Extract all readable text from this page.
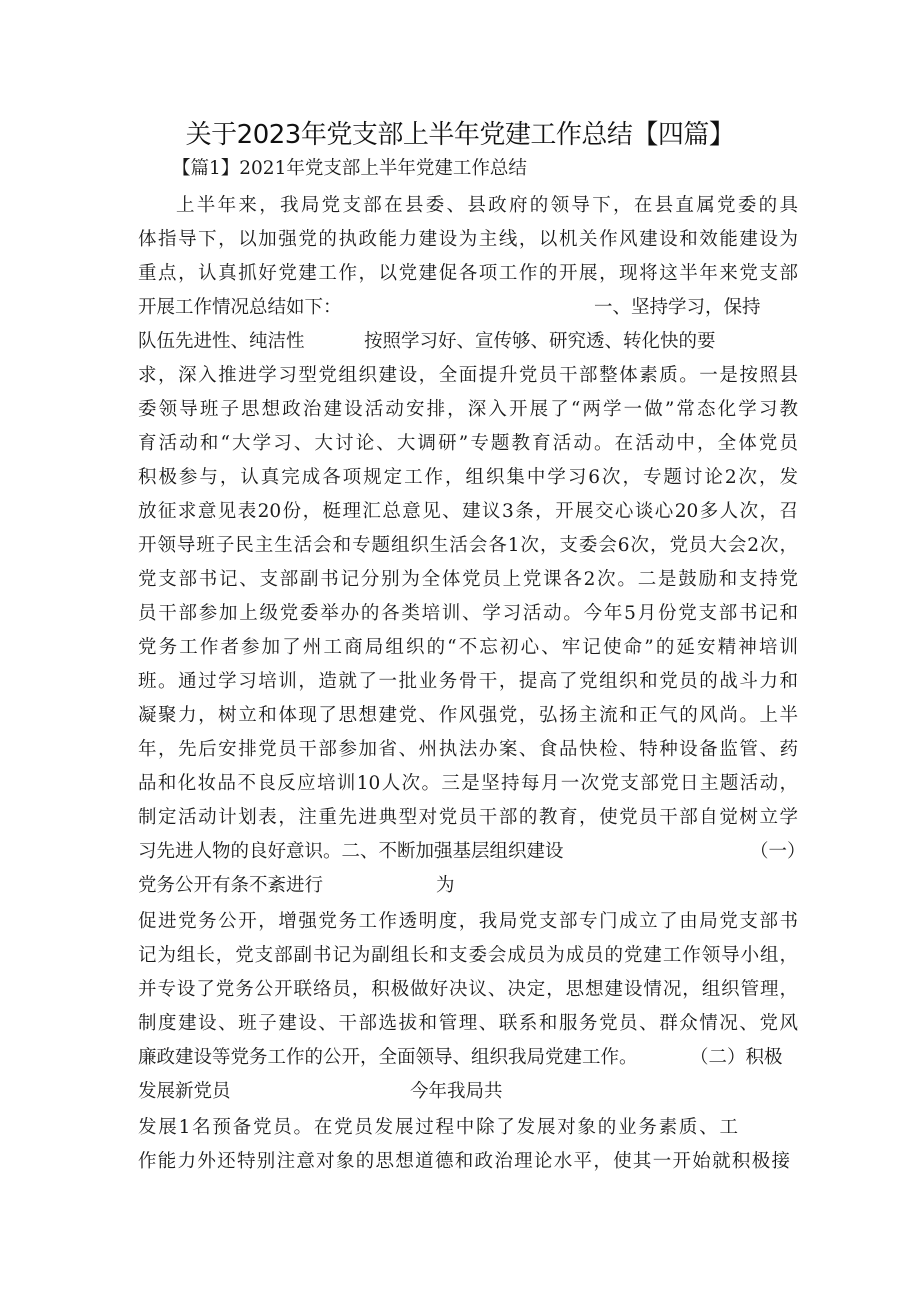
关于2023年党支部上半年党建工作总结【四篇】
【篇1】2021年党支部上半年党建工作总结
上半年来，我局党支部在县委、县政府的领导下，在县直属党委的具
体指导下，以加强党的执政能力建设为主线，以机关作风建设和效能建设为
重点，认真抓好党建工作，以党建促各项工作的开展，现将这半年来党支部
开展工作情况总结如下：	一、坚持学习，保持
队伍先进性、纯洁性	按照学习好、宣传够、研究透、转化快的要
求，深入推进学习型党组织建设，全面提升党员干部整体素质。一是按照县
委领导班子思想政治建设活动安排，深入开展了“两学一做”常态化学习教
育活动和“大学习、大讨论、大调研”专题教育活动。在活动中，全体党员
积极参与，认真完成各项规定工作，组织集中学习6次，专题讨论2次，发
放征求意见表20份，梃理汇总意见、建议3条，开展交心谈心20多人次，召
开领导班子民主生活会和专题组织生活会各1次，支委会6次，党员大会2次，
党支部书记、支部副书记分别为全体党员上党课各2次。二是鼓励和支持党
员干部参加上级党委举办的各类培训、学习活动。今年5月份党支部书记和
党务工作者参加了州工商局组织的“不忘初心、牢记使命”的延安精神培训
班。通过学习培训，造就了一批业务骨干，提高了党组织和党员的战斗力和
凝聚力，树立和体现了思想建党、作风强党，弘扬主流和正气的风尚。上半
年，先后安排党员干部参加省、州执法办案、食品快检、特种设备监管、药
品和化妆品不良反应培训10人次。三是坚持每月一次党支部党日主题活动，
制定活动计划表，注重先进典型对党员干部的教育，使党员干部自觉树立学
习先进人物的良好意识。二、不断加强基层组织建设	（一）
党务公开有条不紊进行	为
促进党务公开，增强党务工作透明度，我局党支部专门成立了由局党支部书
记为组长，党支部副书记为副组长和支委会成员为成员的党建工作领导小组，
并专设了党务公开联络员，积极做好决议、决定，思想建设情况，组织管理，
制度建设、班子建设、干部选拔和管理、联系和服务党员、群众情况、党风
廉政建设等党务工作的公开，全面领导、组织我局党建工作。	（二）积极
发展新党员	今年我局共
发展1名预备党员。在党员发展过程中除了发展对象的业务素质、工
作能力外还特别注意对象的思想道德和政治理论水平，使其一开始就积极接
